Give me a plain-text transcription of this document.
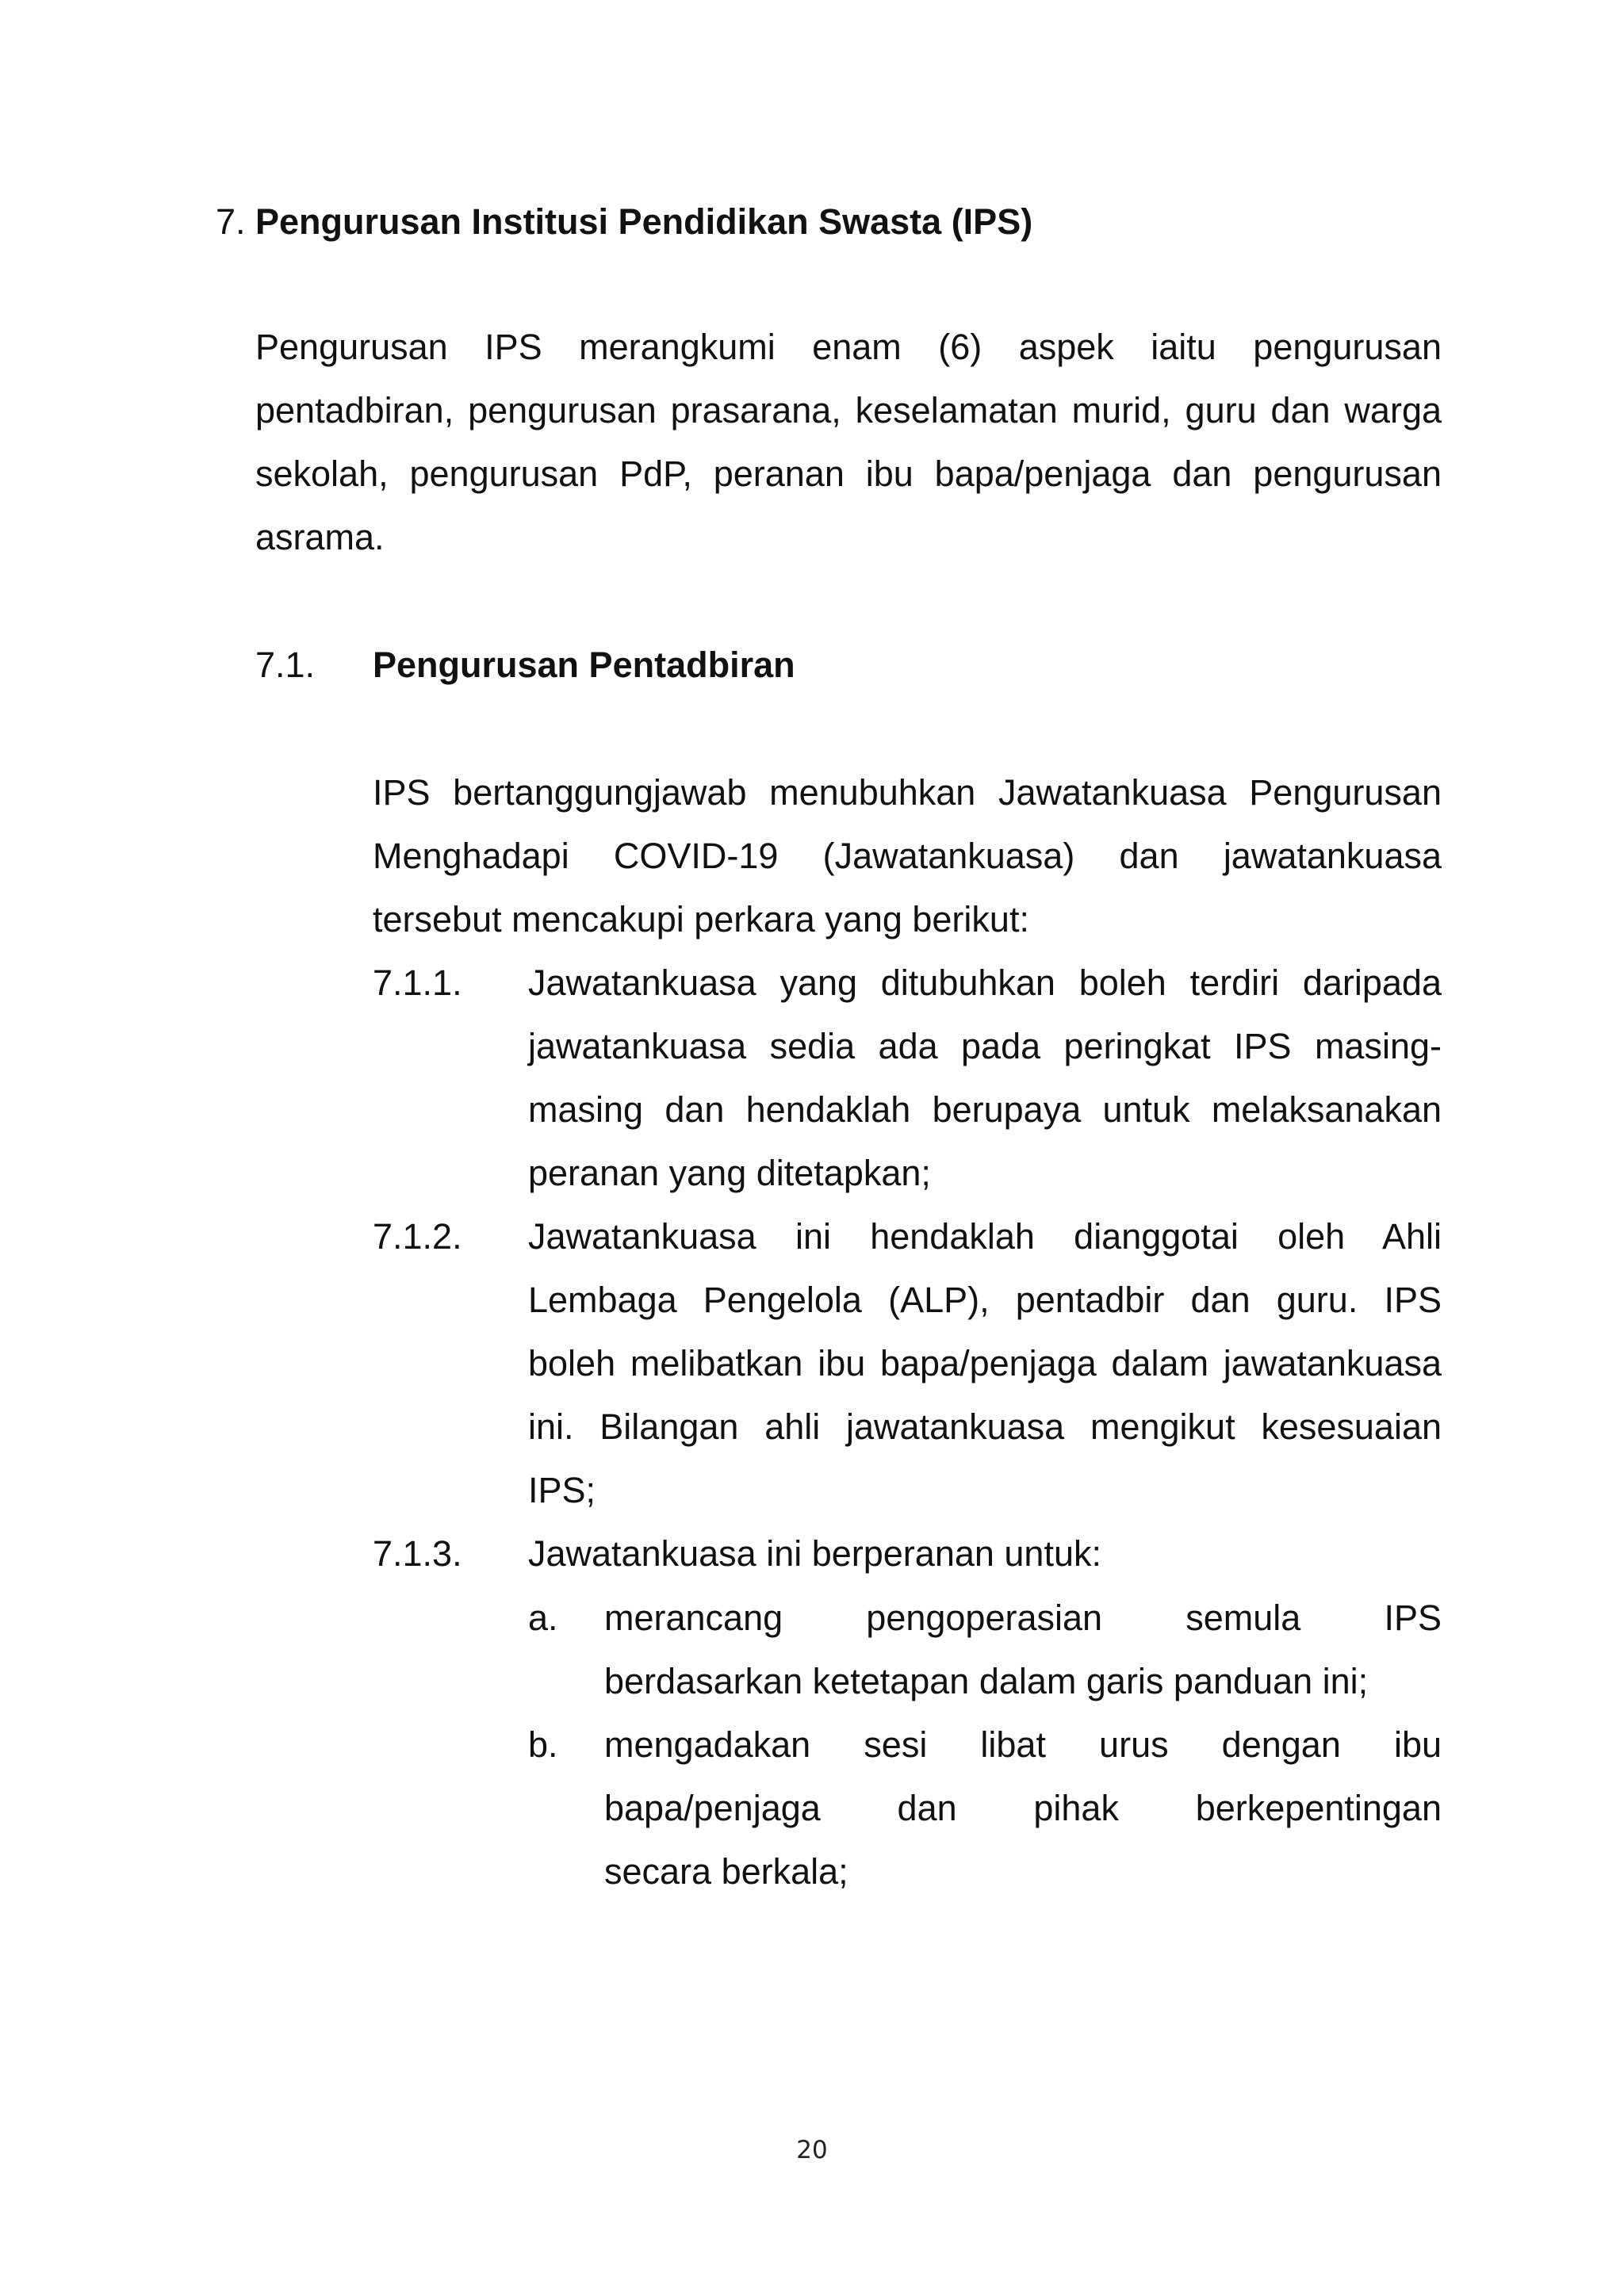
7. Pengurusan Institusi Pendidikan Swasta (IPS)
Pengurusan IPS merangkumi enam (6) aspek iaitu pengurusan
pentadbiran, pengurusan prasarana, keselamatan murid, guru dan warga
sekolah, pengurusan PdP, peranan ibu bapa/penjaga dan pengurusan
asrama.
7.1. Pengurusan Pentadbiran
IPS bertanggungjawab menubuhkan Jawatankuasa Pengurusan
Menghadapi COVID-19 (Jawatankuasa) dan jawatankuasa
tersebut mencakupi perkara yang berikut:
7.1.1. Jawatankuasa yang ditubuhkan boleh terdiri daripada
jawatankuasa sedia ada pada peringkat IPS masing-
masing dan hendaklah berupaya untuk melaksanakan
peranan yang ditetapkan;
7.1.2. Jawatankuasa ini hendaklah dianggotai oleh Ahli
Lembaga Pengelola (ALP), pentadbir dan guru. IPS
boleh melibatkan ibu bapa/penjaga dalam jawatankuasa
ini. Bilangan ahli jawatankuasa mengikut kesesuaian
IPS;
7.1.3. Jawatankuasa ini berperanan untuk:
a. merancang pengoperasian semula IPS
berdasarkan ketetapan dalam garis panduan ini;
b. mengadakan sesi libat urus dengan ibu
bapa/penjaga dan pihak berkepentingan
secara berkala;
20
